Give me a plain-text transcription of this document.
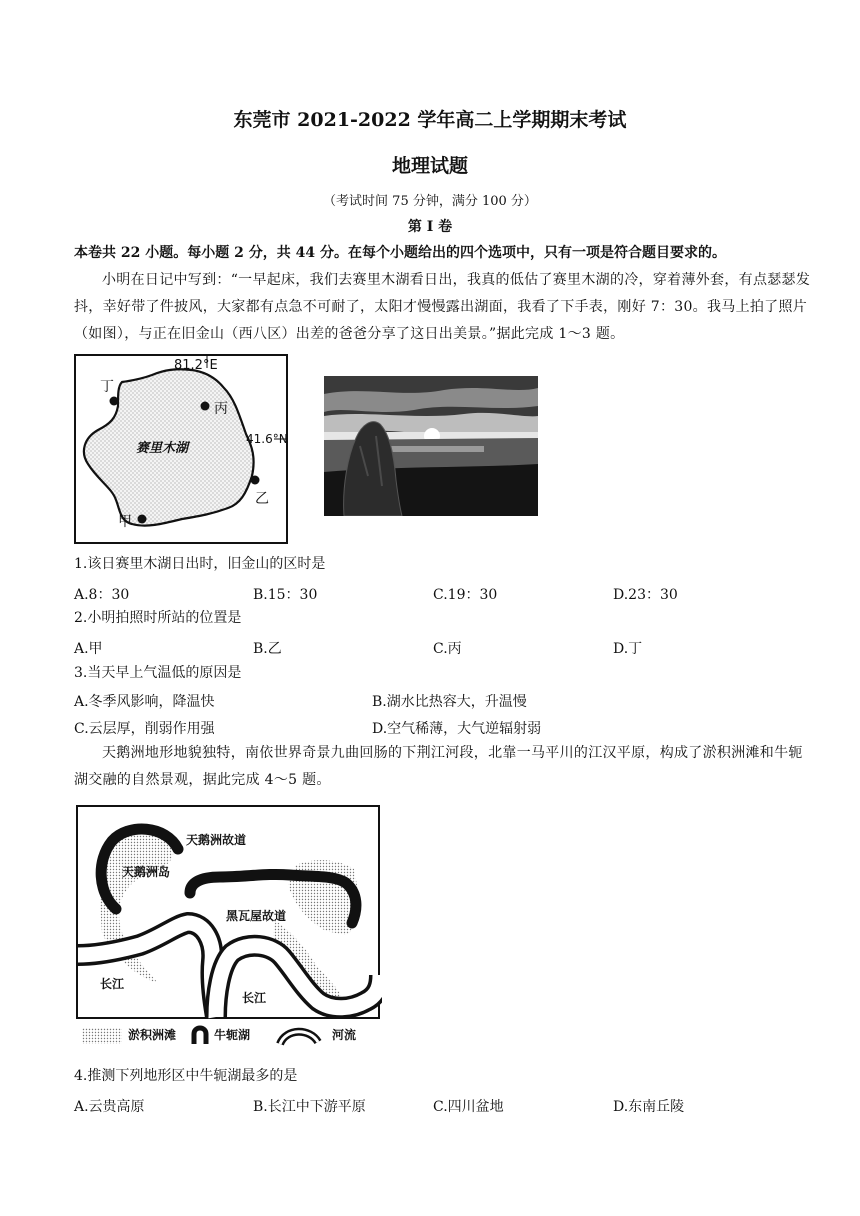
东莞市 2021-2022 学年高二上学期期末考试
地理试题
（考试时间 75 分钟，满分 100 分）
第 I 卷
本卷共 22 小题。每小题 2 分，共 44 分。在每个小题给出的四个选项中，只有一项是符合题目要求的。
小明在日记中写到：“一早起床，我们去赛里木湖看日出，我真的低估了赛里木湖的冷，穿着薄外套，有点瑟瑟发抖，幸好带了件披风，大家都有点急不可耐了，太阳才慢慢露出湖面，我看了下手表，刚好 7：30。我马上拍了照片（如图），与正在旧金山（西八区）出差的爸爸分享了这日出美景。”据此完成 1～3 题。
81.2°E
41.6°N
赛里木湖
丁
丙
乙
甲
1.该日赛里木湖日出时，旧金山的区时是
A.8：30	B.15：30	C.19：30	D.23：30
2.小明拍照时所站的位置是
A.甲	B.乙	C.丙	D.丁
3.当天早上气温低的原因是
A.冬季风影响，降温快	B.湖水比热容大，升温慢
C.云层厚，削弱作用强	D.空气稀薄，大气逆辐射弱
天鹅洲地形地貌独特，南依世界奇景九曲回肠的下荆江河段，北靠一马平川的江汉平原，构成了淤积洲滩和牛轭湖交融的自然景观，据此完成 4～5 题。
天鹅洲故道
天鹅洲岛
黑瓦屋故道
长江
长江
淤积洲滩	牛轭湖	河流
4.推测下列地形区中牛轭湖最多的是
A.云贵高原	B.长江中下游平原	C.四川盆地	D.东南丘陵
